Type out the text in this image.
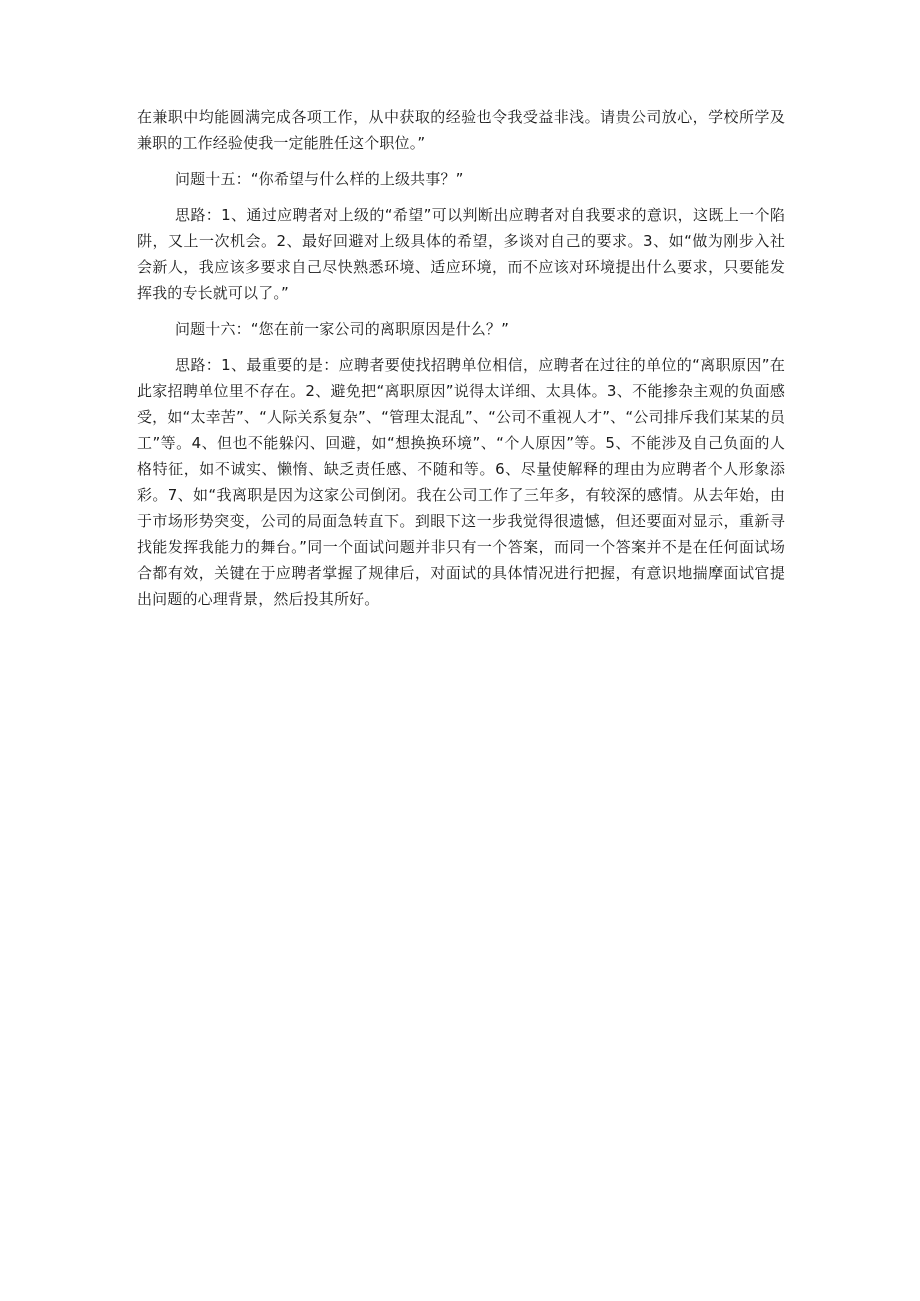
在兼职中均能圆满完成各项工作，从中获取的经验也令我受益非浅。请贵公司放心，学校所学及兼职的工作经验使我一定能胜任这个职位。”

问题十五：“你希望与什么样的上级共事？”

思路：1、通过应聘者对上级的“希望”可以判断出应聘者对自我要求的意识，这既上一个陷阱，又上一次机会。2、最好回避对上级具体的希望，多谈对自己的要求。3、如“做为刚步入社会新人，我应该多要求自己尽快熟悉环境、适应环境，而不应该对环境提出什么要求，只要能发挥我的专长就可以了。”

问题十六：“您在前一家公司的离职原因是什么？”

思路：1、最重要的是：应聘者要使找招聘单位相信，应聘者在过往的单位的“离职原因”在此家招聘单位里不存在。2、避免把“离职原因”说得太详细、太具体。3、不能掺杂主观的负面感受，如“太幸苦”、“人际关系复杂”、“管理太混乱”、“公司不重视人才”、“公司排斥我们某某的员工”等。4、但也不能躲闪、回避，如“想换换环境”、“个人原因”等。5、不能涉及自己负面的人格特征，如不诚实、懒惰、缺乏责任感、不随和等。6、尽量使解释的理由为应聘者个人形象添彩。7、如“我离职是因为这家公司倒闭。我在公司工作了三年多，有较深的感情。从去年始，由于市场形势突变，公司的局面急转直下。到眼下这一步我觉得很遗憾，但还要面对显示，重新寻找能发挥我能力的舞台。”同一个面试问题并非只有一个答案，而同一个答案并不是在任何面试场合都有效，关键在于应聘者掌握了规律后，对面试的具体情况进行把握，有意识地揣摩面试官提出问题的心理背景，然后投其所好。
